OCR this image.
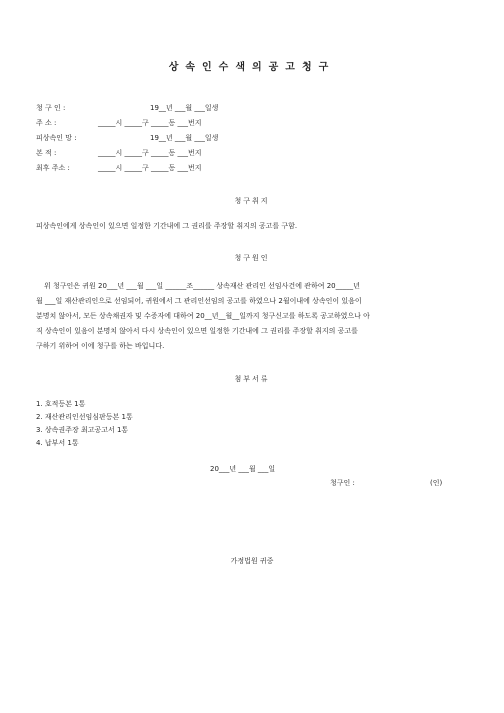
상속인수색의공고청구
청 구 인 :	19__년 ___월 ___일생
주 소 :	_____시 _____구 _____동 ___번지
피상속인 망 :	19__년 ___월 ___일생
본 적 :	_____시 _____구 _____동 ___번지
최후 주소 :	_____시 _____구 _____동 ___번지
청구취지
피상속인에게 상속인이 있으면 일정한 기간내에 그 권리를 주장할 취지의 공고를 구함.
청구원인
위 청구인은 귀원 20___년 ___월 ___일 ______조______ 상속재산 관리인 선임사건에 관하여 20_____년
월 ___일 재산관리인으로 선임되어, 귀원에서 그 관리인선임의 공고를 하였으나 2월이내에 상속인이 있음이
분명치 않아서, 모든 상속채권자 및 수증자에 대하여 20__년__월__일까지 청구신고를 하도록 공고하였으나 아
직 상속인이 있음이 분명치 않아서 다시 상속인이 있으면 일정한 기간내에 그 권리를 주장할 취지의 공고를
구하기 위하여 이에 청구를 하는 바입니다.
첨부서류
1. 호적등본 1통
2. 재산관리인선임심판등본 1통
3. 상속권주장 최고공고서 1통
4. 납부서 1통
20___년 ___월 ___일
청구인 :	(인)
가정법원 귀중
